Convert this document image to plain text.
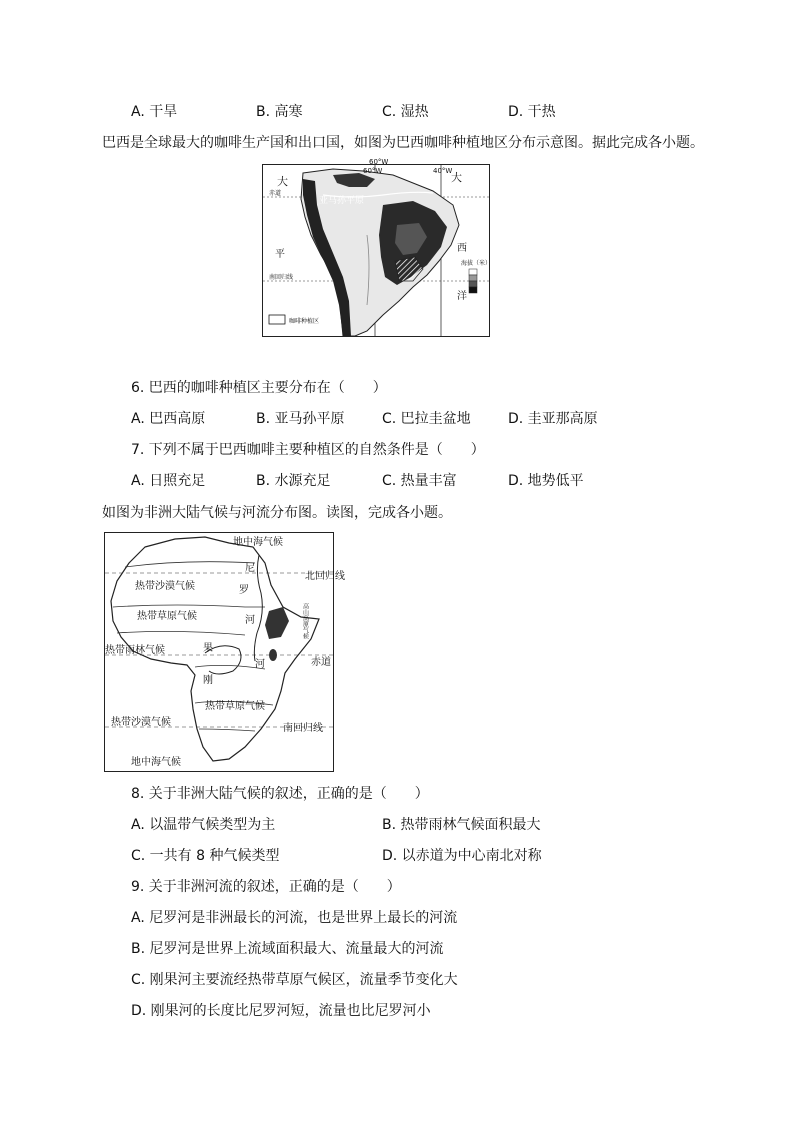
A. 干旱	B. 高寒	C. 湿热	D. 干热
巴西是全球最大的咖啡生产国和出口国，如图为巴西咖啡种植地区分布示意图。据此完成各小题。
60°W
60°W	40°W
大	大
亚马孙平原
西
洋
平
赤道
南回归线
海拔（米）
咖啡种植区
6. 巴西的咖啡种植区主要分布在（　　）
A. 巴西高原	B. 亚马孙平原	C. 巴拉圭盆地	D. 圭亚那高原
7. 下列不属于巴西咖啡主要种植区的自然条件是（　　）
A. 日照充足	B. 水源充足	C. 热量丰富	D. 地势低平
如图为非洲大陆气候与河流分布图。读图，完成各小题。
地中海气候
热带沙漠气候
热带草原气候
热带雨林气候
热带草原气候
热带沙漠气候
地中海气候
北回归线
赤道
南回归线
高山高原气候
尼
罗
河
果
河
刚
8. 关于非洲大陆气候的叙述，正确的是（　　）
A. 以温带气候类型为主	B. 热带雨林气候面积最大
C. 一共有 8 种气候类型	D. 以赤道为中心南北对称
9. 关于非洲河流的叙述，正确的是（　　）
A. 尼罗河是非洲最长的河流，也是世界上最长的河流
B. 尼罗河是世界上流域面积最大、流量最大的河流
C. 刚果河主要流经热带草原气候区，流量季节变化大
D. 刚果河的长度比尼罗河短，流量也比尼罗河小
